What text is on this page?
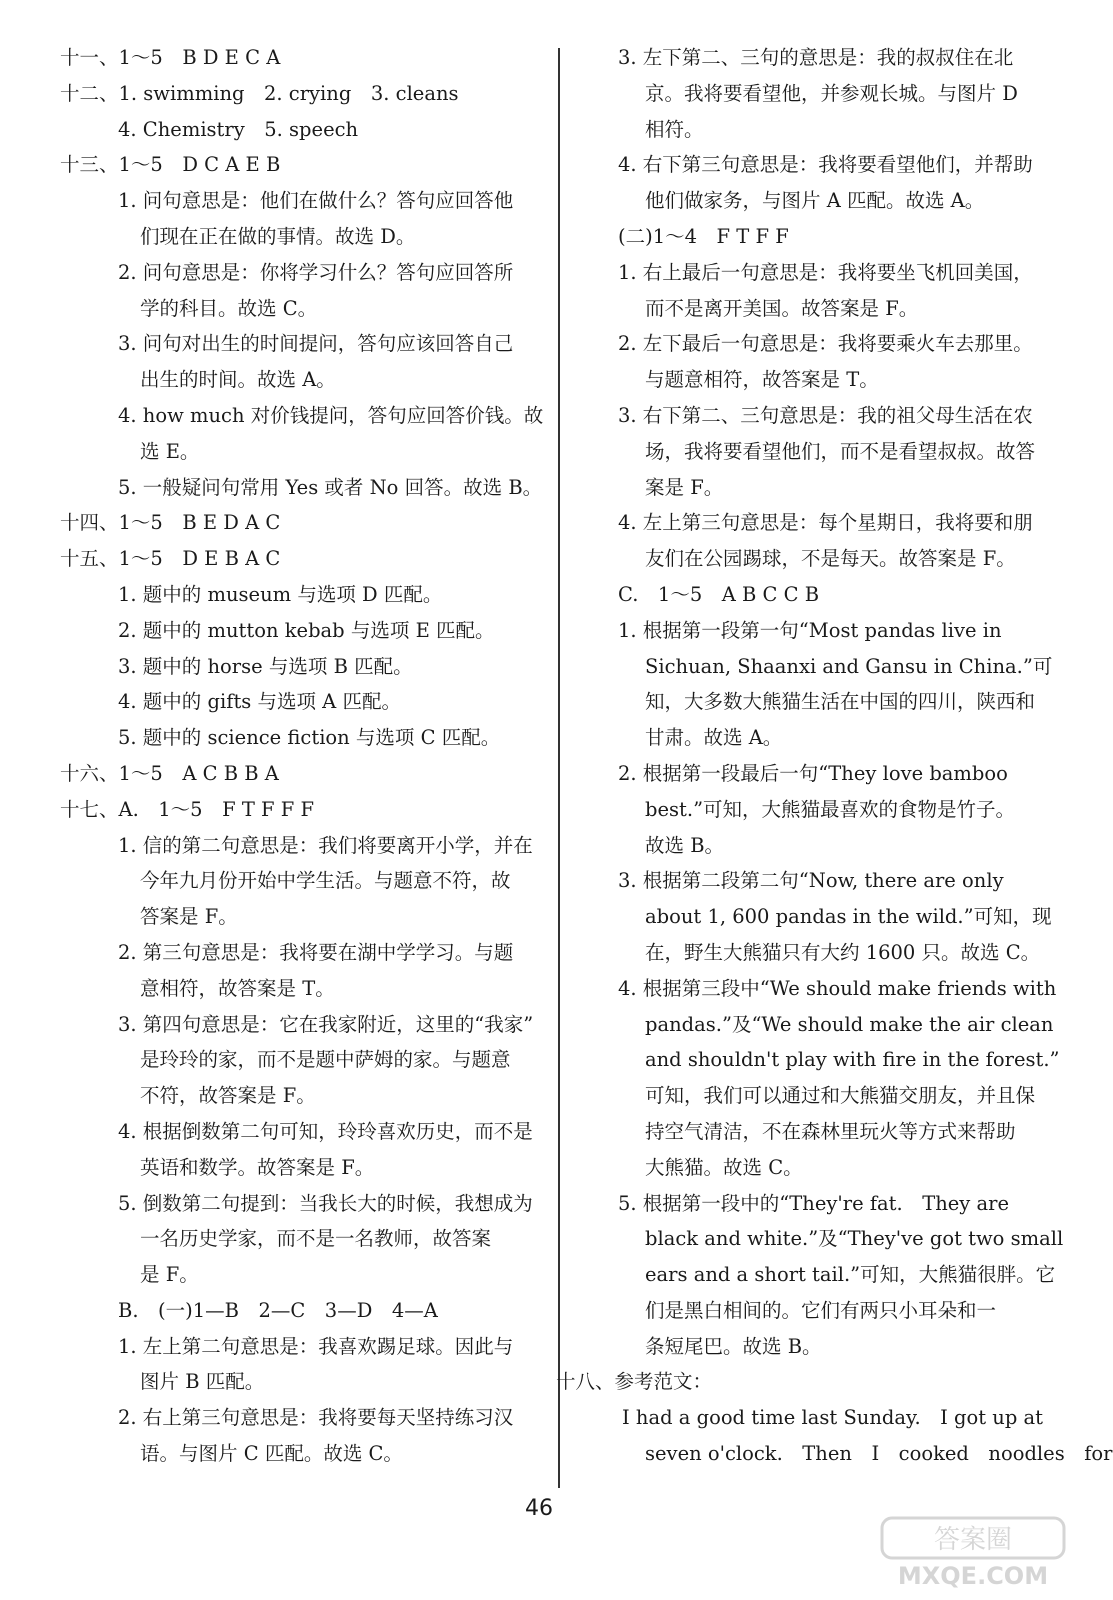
十一、1～5　B D E C A
十二、1. swimming　2. crying　3. cleans
4. Chemistry　5. speech
十三、1～5　D C A E B
1. 问句意思是：他们在做什么？答句应回答他
们现在正在做的事情。故选 D。
2. 问句意思是：你将学习什么？答句应回答所
学的科目。故选 C。
3. 问句对出生的时间提问，答句应该回答自己
出生的时间。故选 A。
4. how much 对价钱提问，答句应回答价钱。故
选 E。
5. 一般疑问句常用 Yes 或者 No 回答。故选 B。
十四、1～5　B E D A C
十五、1～5　D E B A C
1. 题中的 museum 与选项 D 匹配。
2. 题中的 mutton kebab 与选项 E 匹配。
3. 题中的 horse 与选项 B 匹配。
4. 题中的 gifts 与选项 A 匹配。
5. 题中的 science fiction 与选项 C 匹配。
十六、1～5　A C B B A
十七、A.　1～5　F T F F F
1. 信的第二句意思是：我们将要离开小学，并在
今年九月份开始中学生活。与题意不符，故
答案是 F。
2. 第三句意思是：我将要在湖中学学习。与题
意相符，故答案是 T。
3. 第四句意思是：它在我家附近，这里的“我家”
是玲玲的家，而不是题中萨姆的家。与题意
不符，故答案是 F。
4. 根据倒数第二句可知，玲玲喜欢历史，而不是
英语和数学。故答案是 F。
5. 倒数第二句提到：当我长大的时候，我想成为
一名历史学家，而不是一名教师，故答案
是 F。
B.　(一)1—B　2—C　3—D　4—A
1. 左上第二句意思是：我喜欢踢足球。因此与
图片 B 匹配。
2. 右上第三句意思是：我将要每天坚持练习汉
语。与图片 C 匹配。故选 C。
3. 左下第二、三句的意思是：我的叔叔住在北
京。我将要看望他，并参观长城。与图片 D
相符。
4. 右下第三句意思是：我将要看望他们，并帮助
他们做家务，与图片 A 匹配。故选 A。
(二)1～4　F T F F
1. 右上最后一句意思是：我将要坐飞机回美国，
而不是离开美国。故答案是 F。
2. 左下最后一句意思是：我将要乘火车去那里。
与题意相符，故答案是 T。
3. 右下第二、三句意思是：我的祖父母生活在农
场，我将要看望他们，而不是看望叔叔。故答
案是 F。
4. 左上第三句意思是：每个星期日，我将要和朋
友们在公园踢球，不是每天。故答案是 F。
C.　1～5　A B C C B
1. 根据第一段第一句“Most pandas live in
Sichuan, Shaanxi and Gansu in China.”可
知，大多数大熊猫生活在中国的四川，陕西和
甘肃。故选 A。
2. 根据第一段最后一句“They love bamboo
best.”可知，大熊猫最喜欢的食物是竹子。
故选 B。
3. 根据第二段第二句“Now, there are only
about 1, 600 pandas in the wild.”可知，现
在，野生大熊猫只有大约 1600 只。故选 C。
4. 根据第三段中“We should make friends with
pandas.”及“We should make the air clean
and shouldn't play with fire in the forest.”
可知，我们可以通过和大熊猫交朋友，并且保
持空气清洁，不在森林里玩火等方式来帮助
大熊猫。故选 C。
5. 根据第一段中的“They're fat.　They are
black and white.”及“They've got two small
ears and a short tail.”可知，大熊猫很胖。它
们是黑白相间的。它们有两只小耳朵和一
条短尾巴。故选 B。
十八、参考范文：
I had a good time last Sunday.　I got up at
seven o'clock.　Then　I　cooked　noodles　for
46
答案圈
MXQE.COM
